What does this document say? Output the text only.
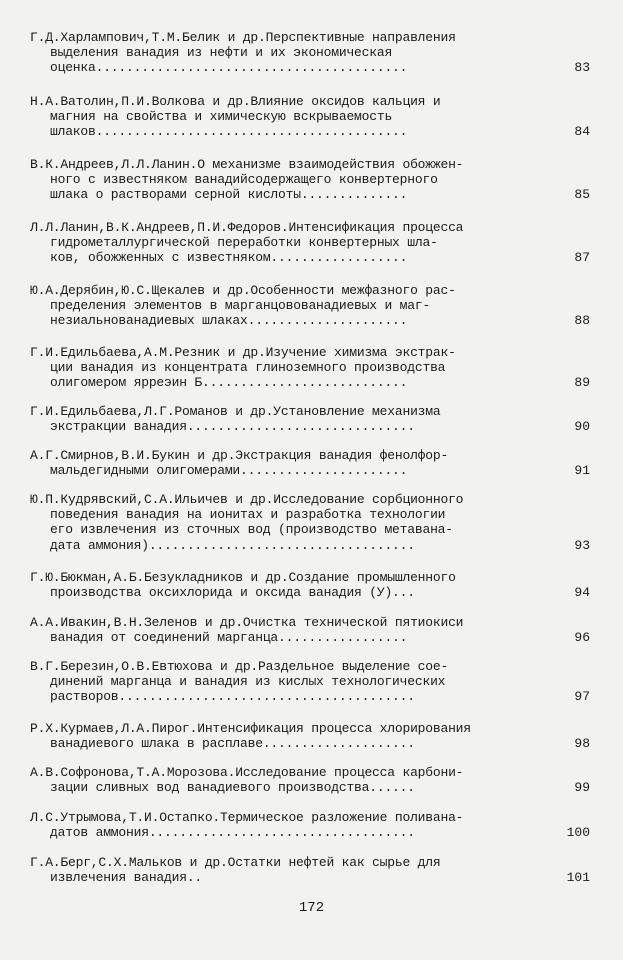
Г.Д.Харлампович,Т.М.Белик и др.Перспективные направления
выделения ванадия из нефти и их экономическая
оценка.........................................	83
Н.А.Ватолин,П.И.Волкова и др.Влияние оксидов кальция и
магния на свойства и химическую вскрываемость
шлаков.........................................	84
В.К.Андреев,Л.Л.Ланин.О механизме взаимодействия обожжен-
ного с известняком ванадийсодержащего конвертерного
шлака о растворами серной кислоты..............	85
Л.Л.Ланин,В.К.Андреев,П.И.Федоров.Интенсификация процесса
гидрометаллургической переработки конвертерных шла-
ков, обожженных с известняком..................	87
Ю.А.Дерябин,Ю.С.Щекалев и др.Особенности межфазного рас-
пределения элементов в марганцовованадиевых и маг-
незиальнованадиевых шлаках.....................	88
Г.И.Едильбаева,А.М.Резник и др.Изучение химизма экстрак-
ции ванадия из концентрата глиноземного производства
олигомером ярреэин Б...........................	89
Г.И.Едильбаева,Л.Г.Романов и др.Установление механизма
экстракции ванадия..............................	90
А.Г.Смирнов,В.И.Букин и др.Экстракция ванадия фенолфор-
мальдегидными олигомерами......................	91
Ю.П.Кудрявский,С.А.Ильичев и др.Исследование сорбционного
поведения ванадия на ионитах и разработка технологии
его извлечения из сточных вод (производство метавана-
дата аммония)...................................	93
Г.Ю.Бюкман,А.Б.Безукладников и др.Создание промышленного
производства оксихлорида и оксида ванадия (У)...	94
А.А.Ивакин,В.Н.Зеленов и др.Очистка технической пятиокиси
ванадия от соединений марганца.................	96
В.Г.Березин,О.В.Евтюхова и др.Раздельное выделение сое-
динений марганца и ванадия из кислых технологических
растворов.......................................	97
Р.Х.Курмаев,Л.А.Пирог.Интенсификация процесса хлорирования
ванадиевого шлака в расплаве....................	98
А.В.Софронова,Т.А.Морозова.Исследование процесса карбони-
зации сливных вод ванадиевого производства......	99
Л.С.Утрымова,Т.И.Остапко.Термическое разложение поливана-
датов аммония...................................	100
Г.А.Берг,С.Х.Мальков и др.Остатки нефтей как сырье для
извлечения ванадия..	101
172
